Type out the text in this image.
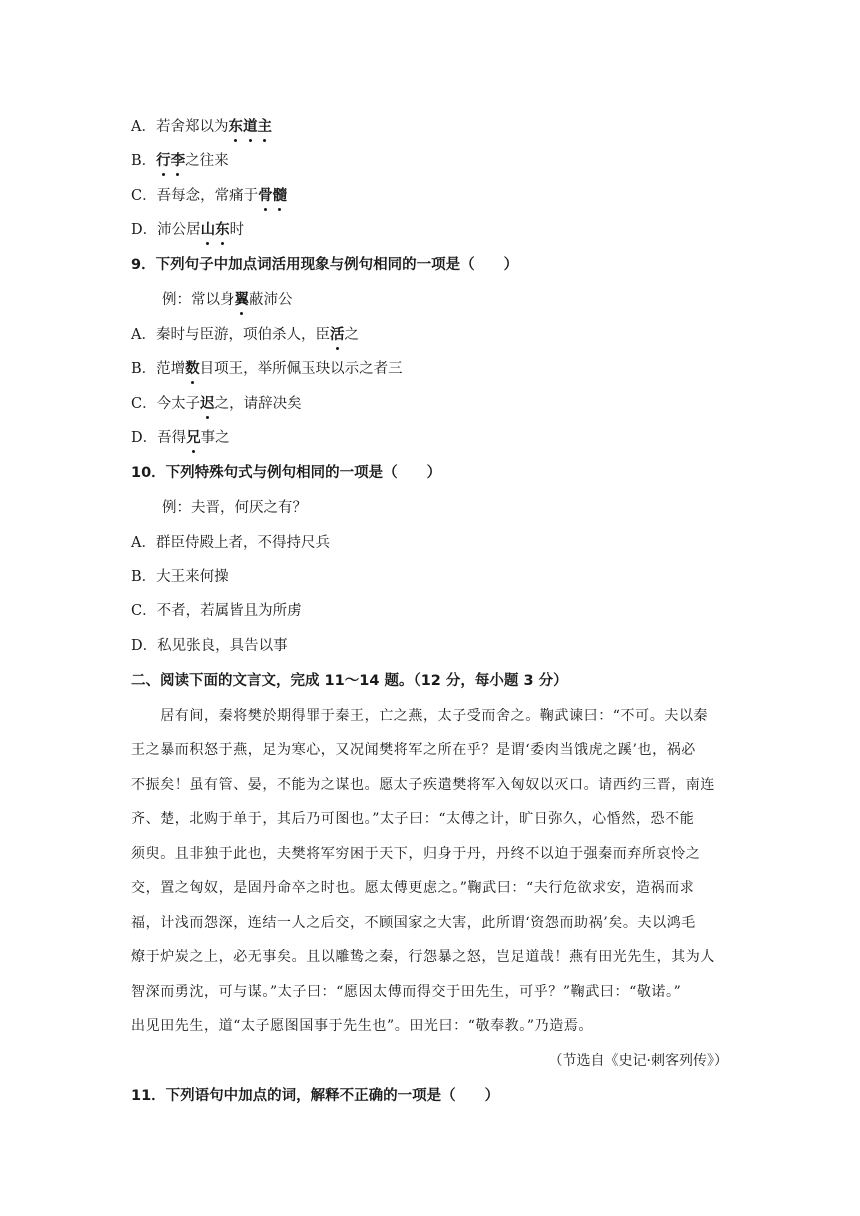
A．若舍郑以为东道主
B．行李之往来
C．吾每念，常痛于骨髓
D．沛公居山东时
9．下列句子中加点词活用现象与例句相同的一项是（　　）
例：常以身翼蔽沛公
A．秦时与臣游，项伯杀人，臣活之
B．范增数目项王，举所佩玉玦以示之者三
C．今太子迟之，请辞决矣
D．吾得兄事之
10．下列特殊句式与例句相同的一项是（　　）
例：夫晋，何厌之有？
A．群臣侍殿上者，不得持尺兵
B．大王来何操
C．不者，若属皆且为所虏
D．私见张良，具告以事
二、阅读下面的文言文，完成 11～14 题。（12 分，每小题 3 分）
　　居有间，秦将樊於期得罪于秦王，亡之燕，太子受而舍之。鞠武谏曰：“不可。夫以秦
王之暴而积怒于燕，足为寒心，又况闻樊将军之所在乎？是谓‘委肉当饿虎之蹊’也，祸必
不振矣！虽有管、晏，不能为之谋也。愿太子疾遣樊将军入匈奴以灭口。请西约三晋，南连
齐、楚，北购于单于，其后乃可图也。”太子曰：“太傅之计，旷日弥久，心惛然，恐不能
须臾。且非独于此也，夫樊将军穷困于天下，归身于丹，丹终不以迫于强秦而弃所哀怜之
交，置之匈奴，是固丹命卒之时也。愿太傅更虑之。”鞠武曰：“夫行危欲求安，造祸而求
福，计浅而怨深，连结一人之后交，不顾国家之大害，此所谓‘资怨而助祸’矣。夫以鸿毛
燎于炉炭之上，必无事矣。且以雕鸷之秦，行怨暴之怒，岂足道哉！燕有田光先生，其为人
智深而勇沈，可与谋。”太子曰：“愿因太傅而得交于田先生，可乎？”鞠武曰：“敬诺。”
出见田先生，道“太子愿图国事于先生也”。田光曰：“敬奉教。”乃造焉。
（节选自《史记·刺客列传》）
11．下列语句中加点的词，解释不正确的一项是（　　）
